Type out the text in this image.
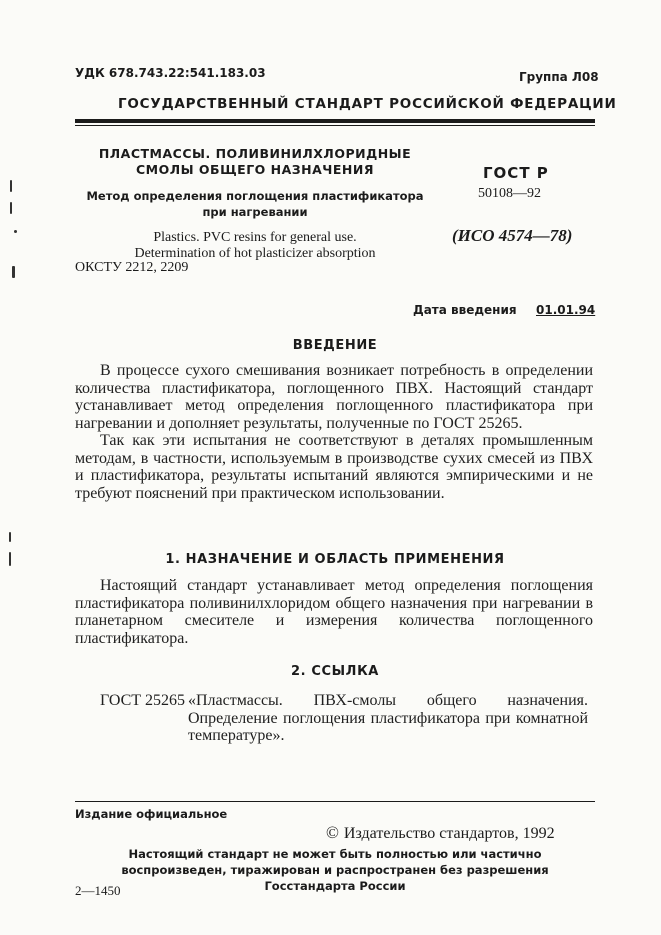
УДК 678.743.22:541.183.03	Группа Л08
ГОСУДАРСТВЕННЫЙ СТАНДАРТ РОССИЙСКОЙ ФЕДЕРАЦИИ
ПЛАСТМАССЫ. ПОЛИВИНИЛХЛОРИДНЫЕ
СМОЛЫ ОБЩЕГО НАЗНАЧЕНИЯ
Метод определения поглощения пластификатора
при нагревании
Plastics. PVC resins for general use.
Determination of hot plasticizer absorption
ОКСТУ 2212, 2209
ГОСТ Р
50108—92
(ИСО 4574—78)
Дата введения 01.01.94
ВВЕДЕНИЕ

В процессе сухого смешивания возникает потребность в определении количества пластификатора, поглощенного ПВХ. Настоящий стандарт устанавливает метод определения поглощенного пластификатора при нагревании и дополняет результаты, полученные по ГОСТ 25265.

Так как эти испытания не соответствуют в деталях промышленным методам, в частности, используемым в производстве сухих смесей из ПВХ и пластификатора, результаты испытаний являются эмпирическими и не требуют пояснений при практическом использовании.

1. НАЗНАЧЕНИЕ И ОБЛАСТЬ ПРИМЕНЕНИЯ

Настоящий стандарт устанавливает метод определения поглощения пластификатора поливинилхлоридом общего назначения при нагревании в планетарном смесителе и измерения количества поглощенного пластификатора.

2. ССЫЛКА
ГОСТ 25265 «Пластмассы. ПВХ-смолы общего назначения. Определение поглощения пластификатора при комнатной температуре».
Издание официальное
© Издательство стандартов, 1992
Настоящий стандарт не может быть полностью или частично воспроизведен, тиражирован и распространен без разрешения Госстандарта России
2—1450
